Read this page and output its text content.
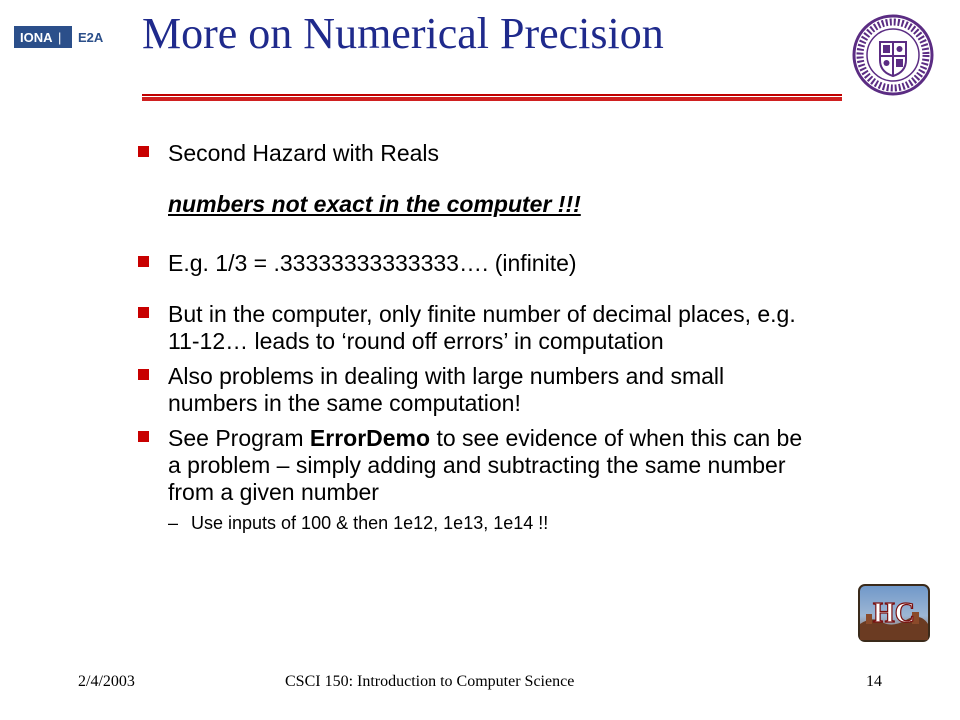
IONA | E2A More on Numerical Precision
Second Hazard with Reals
numbers not exact in the computer !!!
E.g. 1/3 = .33333333333333…. (infinite)
But in the computer, only finite number of decimal places, e.g. 11-12… leads to ‘round off errors’ in computation
Also problems in dealing with large numbers and small numbers in the same computation!
See Program ErrorDemo to see evidence of when this can be a problem – simply adding and subtracting the same number from a given number
– Use inputs of 100 & then 1e12, 1e13, 1e14 !!
HC
2/4/2003	CSCI 150: Introduction to Computer Science	14
